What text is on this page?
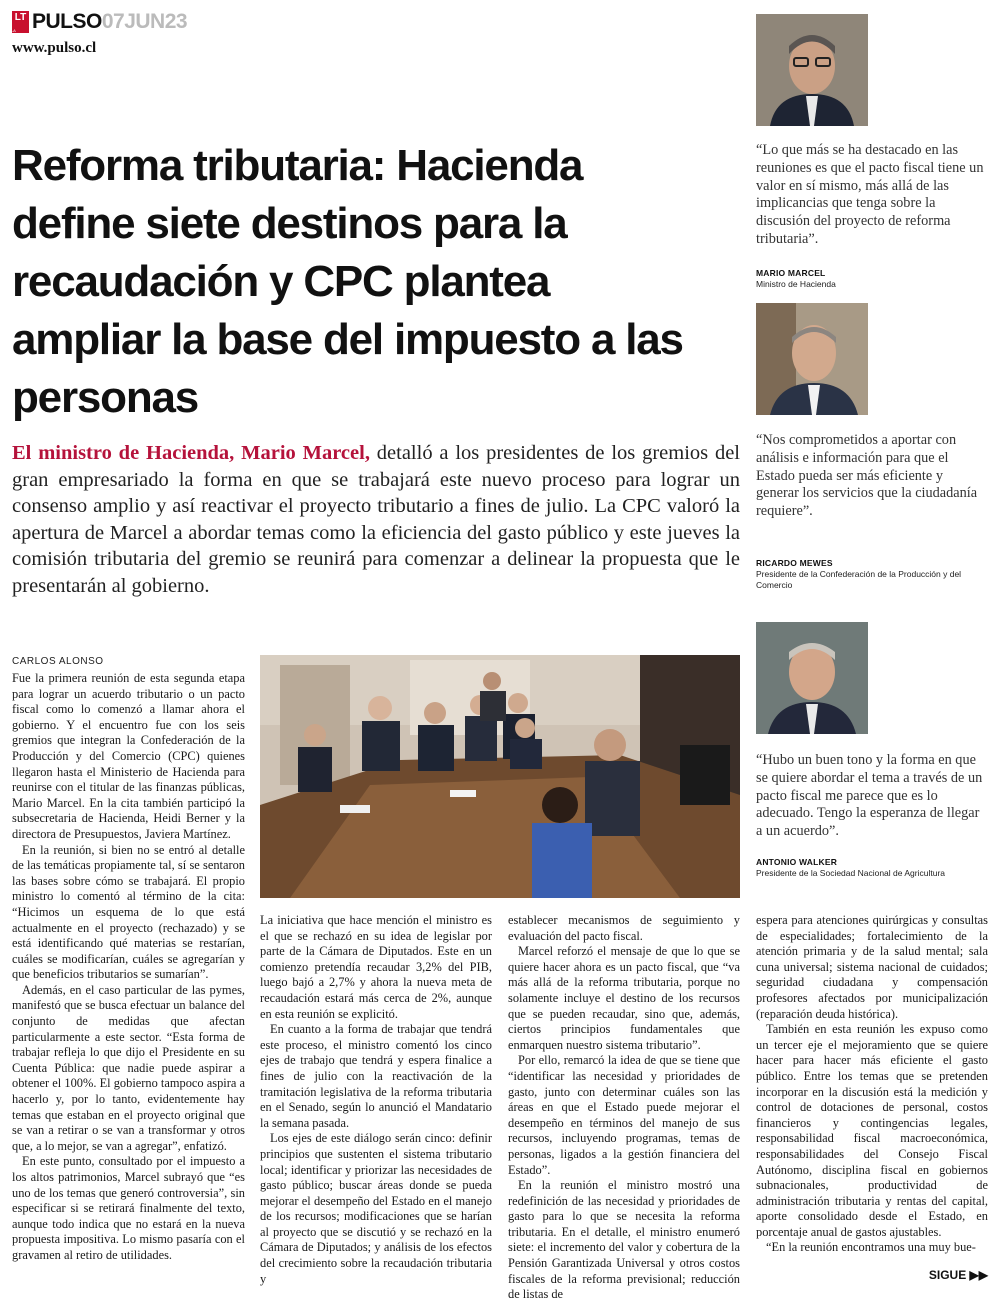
LT
LA TERCERA
PULSO 07JUN23
www.pulso.cl
Reforma tributaria: Hacienda define siete destinos para la recaudación y CPC plantea ampliar la base del impuesto a las personas

El ministro de Hacienda, Mario Marcel, detalló a los presidentes de los gremios del gran empresariado la forma en que se trabajará este nuevo proceso para lograr un consenso amplio y así reactivar el proyecto tributario a fines de julio. La CPC valoró la apertura de Marcel a abordar temas como la eficiencia del gasto público y este jueves la comisión tributaria del gremio se reunirá para comenzar a delinear la propuesta que le presentarán al gobierno.

CARLOS ALONSO

Fue la primera reunión de esta segunda etapa para lograr un acuerdo tributario o un pacto fiscal como lo comenzó a llamar ahora el gobierno. Y el encuentro fue con los seis gremios que integran la Confederación de la Producción y del Comercio (CPC) quienes llegaron hasta el Ministerio de Hacienda para reunirse con el titular de las finanzas públicas, Mario Marcel. En la cita también participó la subsecretaria de Hacienda, Heidi Berner y la directora de Presupuestos, Javiera Martínez.

En la reunión, si bien no se entró al detalle de las temáticas propiamente tal, sí se sentaron las bases sobre cómo se trabajará. El propio ministro lo comentó al término de la cita: “Hicimos un esquema de lo que está actualmente en el proyecto (rechazado) y se está identificando qué materias se restarían, cuáles se modificarían, cuáles se agregarían y que beneficios tributarios se sumarían”.

Además, en el caso particular de las pymes, manifestó que se busca efectuar un balance del conjunto de medidas que afectan particularmente a este sector. “Esta forma de trabajar refleja lo que dijo el Presidente en su Cuenta Pública: que nadie puede aspirar a obtener el 100%. El gobierno tampoco aspira a hacerlo y, por lo tanto, evidentemente hay temas que estaban en el proyecto original que se van a retirar o se van a transformar y otros que, a lo mejor, se van a agregar”, enfatizó.

En este punto, consultado por el impuesto a los altos patrimonios, Marcel subrayó que “es uno de los temas que generó controversia”, sin especificar si se retirará finalmente del texto, aunque todo indica que no estará en la nueva propuesta impositiva. Lo mismo pasaría con el gravamen al retiro de utilidades.

La iniciativa que hace mención el ministro es el que se rechazó en su idea de legislar por parte de la Cámara de Diputados. Este en un comienzo pretendía recaudar 3,2% del PIB, luego bajó a 2,7% y ahora la nueva meta de recaudación estará más cerca de 2%, aunque en esta reunión se explicitó.

En cuanto a la forma de trabajar que tendrá este proceso, el ministro comentó los cinco ejes de trabajo que tendrá y espera finalice a fines de julio con la reactivación de la tramitación legislativa de la reforma tributaria en el Senado, según lo anunció el Mandatario la semana pasada.

Los ejes de este diálogo serán cinco: definir principios que sustenten el sistema tributario local; identificar y priorizar las necesidades de gasto público; buscar áreas donde se pueda mejorar el desempeño del Estado en el manejo de los recursos; modificaciones que se harían al proyecto que se discutió y se rechazó en la Cámara de Diputados; y análisis de los efectos del crecimiento sobre la recaudación tributaria y

establecer mecanismos de seguimiento y evaluación del pacto fiscal.

Marcel reforzó el mensaje de que lo que se quiere hacer ahora es un pacto fiscal, que “va más allá de la reforma tributaria, porque no solamente incluye el destino de los recursos que se pueden recaudar, sino que, además, ciertos principios fundamentales que enmarquen nuestro sistema tributario”.

Por ello, remarcó la idea de que se tiene que “identificar las necesidad y prioridades de gasto, junto con determinar cuáles son las áreas en que el Estado puede mejorar el desempeño en términos del manejo de sus recursos, incluyendo programas, temas de personas, ligados a la gestión financiera del Estado”.

En la reunión el ministro mostró una redefinición de las necesidad y prioridades de gasto para lo que se necesita la reforma tributaria. En el detalle, el ministro enumeró siete: el incremento del valor y cobertura de la Pensión Garantizada Universal y otros costos fiscales de la reforma previsional; reducción de listas de

espera para atenciones quirúrgicas y consultas de especialidades; fortalecimiento de la atención primaria y de la salud mental; sala cuna universal; sistema nacional de cuidados; seguridad ciudadana y compensación profesores afectados por municipalización (reparación deuda histórica).

También en esta reunión les expuso como un tercer eje el mejoramiento que se quiere hacer para hacer más eficiente el gasto público. Entre los temas que se pretenden incorporar en la discusión está la medición y control de dotaciones de personal, costos financieros y contingencias legales, responsabilidad fiscal macroeconómica, responsabilidades del Consejo Fiscal Autónomo, disciplina fiscal en gobiernos subnacionales, productividad de administración tributaria y rentas del capital, aporte consolidado desde el Estado, en porcentaje anual de gastos ajustables.

“En la reunión encontramos una muy bue-

SIGUE ▶▶

“Lo que más se ha destacado en las reuniones es que el pacto fiscal tiene un valor en sí mismo, más allá de las implicancias que tenga sobre la discusión del proyecto de reforma tributaria”.

MARIO MARCEL
Ministro de Hacienda

“Nos comprometidos a aportar con análisis e información para que el Estado pueda ser más eficiente y generar los servicios que la ciudadanía requiere”.

RICARDO MEWES
Presidente de la Confederación de la Producción y del Comercio

“Hubo un buen tono y la forma en que se quiere abordar el tema a través de un pacto fiscal me parece que es lo adecuado. Tengo la esperanza de llegar a un acuerdo”.

ANTONIO WALKER
Presidente de la Sociedad Nacional de Agricultura
